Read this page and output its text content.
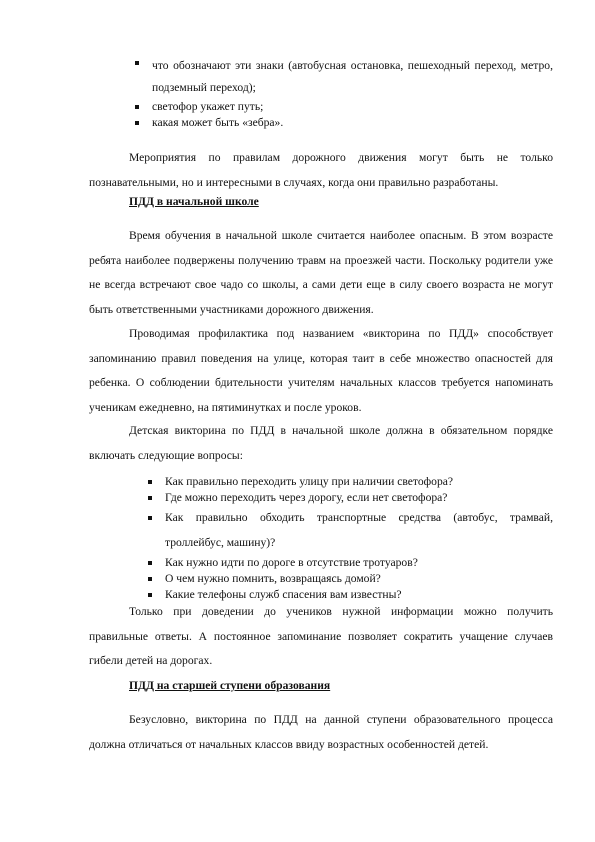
что обозначают эти знаки (автобусная остановка, пешеходный переход, метро, подземный переход);
светофор укажет путь;
какая может быть «зебра».

Мероприятия по правилам дорожного движения могут быть не только познавательными, но и интересными в случаях, когда они правильно разработаны.

ПДД в начальной школе

Время обучения в начальной школе считается наиболее опасным. В этом возрасте ребята наиболее подвержены получению травм на проезжей части. Поскольку родители уже не всегда встречают свое чадо со школы, а сами дети еще в силу своего возраста не могут быть ответственными участниками дорожного движения.

Проводимая профилактика под названием «викторина по ПДД» способствует запоминанию правил поведения на улице, которая таит в себе множество опасностей для ребенка. О соблюдении бдительности учителям начальных классов требуется напоминать ученикам ежедневно, на пятиминутках и после уроков.

Детская викторина по ПДД в начальной школе должна в обязательном порядке включать следующие вопросы:

Как правильно переходить улицу при наличии светофора?
Где можно переходить через дорогу, если нет светофора?
Как правильно обходить транспортные средства (автобус, трамвай, троллейбус, машину)?
Как нужно идти по дороге в отсутствие тротуаров?
О чем нужно помнить, возвращаясь домой?
Какие телефоны служб спасения вам известны?

Только при доведении до учеников нужной информации можно получить правильные ответы. А постоянное запоминание позволяет сократить учащение случаев гибели детей на дорогах.

ПДД на старшей ступени образования

Безусловно, викторина по ПДД на данной ступени образовательного процесса должна отличаться от начальных классов ввиду возрастных особенностей детей.
